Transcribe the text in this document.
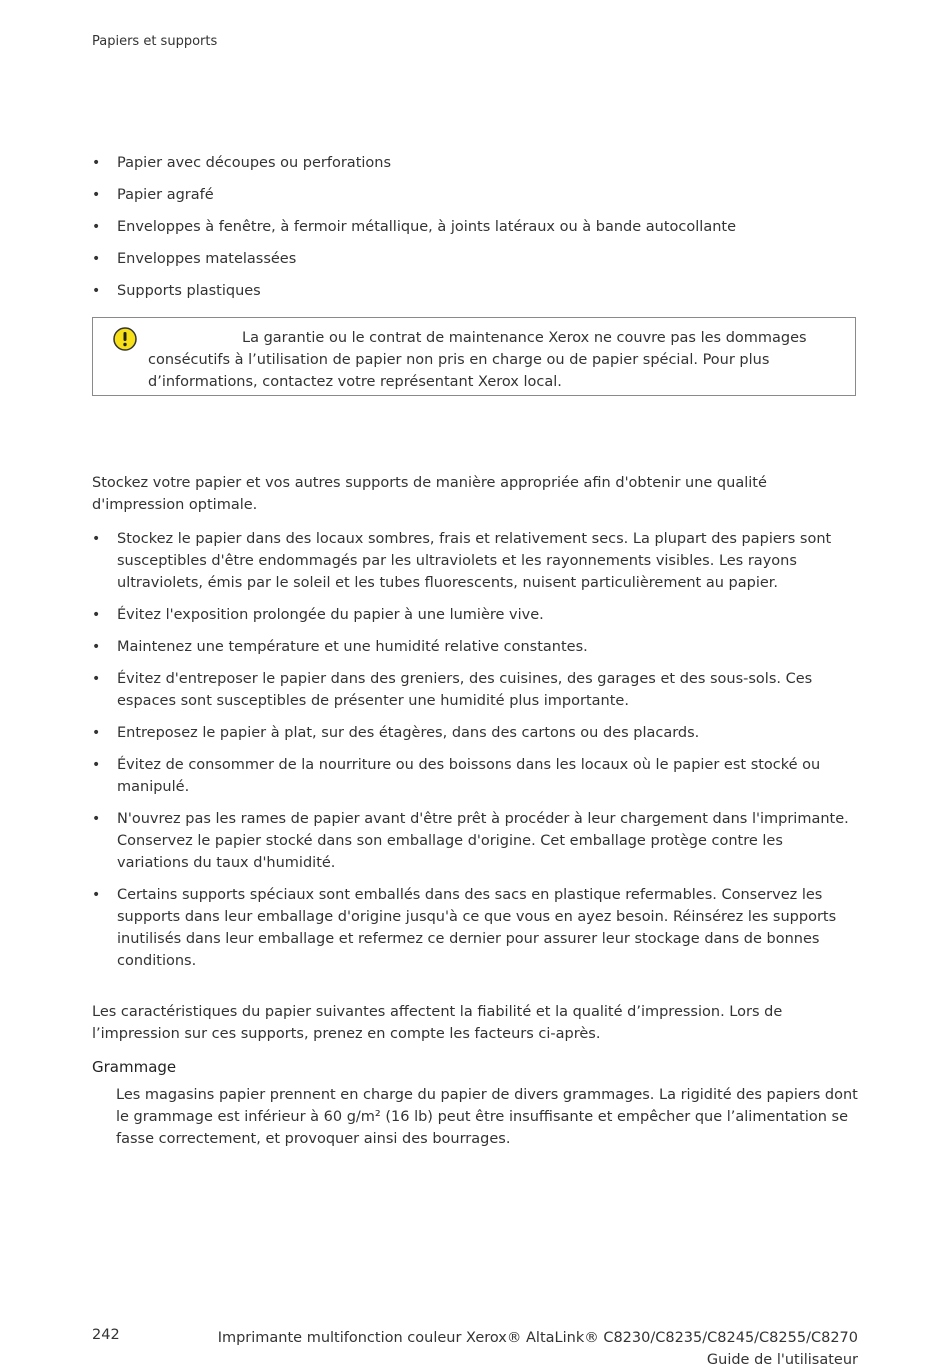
Papiers et supports
• Papier avec découpes ou perforations
• Papier agrafé
• Enveloppes à fenêtre, à fermoir métallique, à joints latéraux ou à bande autocollante
• Enveloppes matelassées
• Supports plastiques
La garantie ou le contrat de maintenance Xerox ne couvre pas les dommages consécutifs à l’utilisation de papier non pris en charge ou de papier spécial. Pour plus d’informations, contactez votre représentant Xerox local.

Stockez votre papier et vos autres supports de manière appropriée afin d'obtenir une qualité d'impression optimale.

• Stockez le papier dans des locaux sombres, frais et relativement secs. La plupart des papiers sont susceptibles d'être endommagés par les ultraviolets et les rayonnements visibles. Les rayons ultraviolets, émis par le soleil et les tubes fluorescents, nuisent particulièrement au papier.
• Évitez l'exposition prolongée du papier à une lumière vive.
• Maintenez une température et une humidité relative constantes.
• Évitez d'entreposer le papier dans des greniers, des cuisines, des garages et des sous-sols. Ces espaces sont susceptibles de présenter une humidité plus importante.
• Entreposez le papier à plat, sur des étagères, dans des cartons ou des placards.
• Évitez de consommer de la nourriture ou des boissons dans les locaux où le papier est stocké ou manipulé.
• N'ouvrez pas les rames de papier avant d'être prêt à procéder à leur chargement dans l'imprimante. Conservez le papier stocké dans son emballage d'origine. Cet emballage protège contre les variations du taux d'humidité.
• Certains supports spéciaux sont emballés dans des sacs en plastique refermables. Conservez les supports dans leur emballage d'origine jusqu'à ce que vous en ayez besoin. Réinsérez les supports inutilisés dans leur emballage et refermez ce dernier pour assurer leur stockage dans de bonnes conditions.

Les caractéristiques du papier suivantes affectent la fiabilité et la qualité d’impression. Lors de l’impression sur ces supports, prenez en compte les facteurs ci-après.

Grammage

Les magasins papier prennent en charge du papier de divers grammages. La rigidité des papiers dont le grammage est inférieur à 60 g/m² (16 lb) peut être insuffisante et empêcher que l’alimentation se fasse correctement, et provoquer ainsi des bourrages.

242	Imprimante multifonction couleur Xerox® AltaLink® C8230/C8235/C8245/C8255/C8270 Guide de l'utilisateur
